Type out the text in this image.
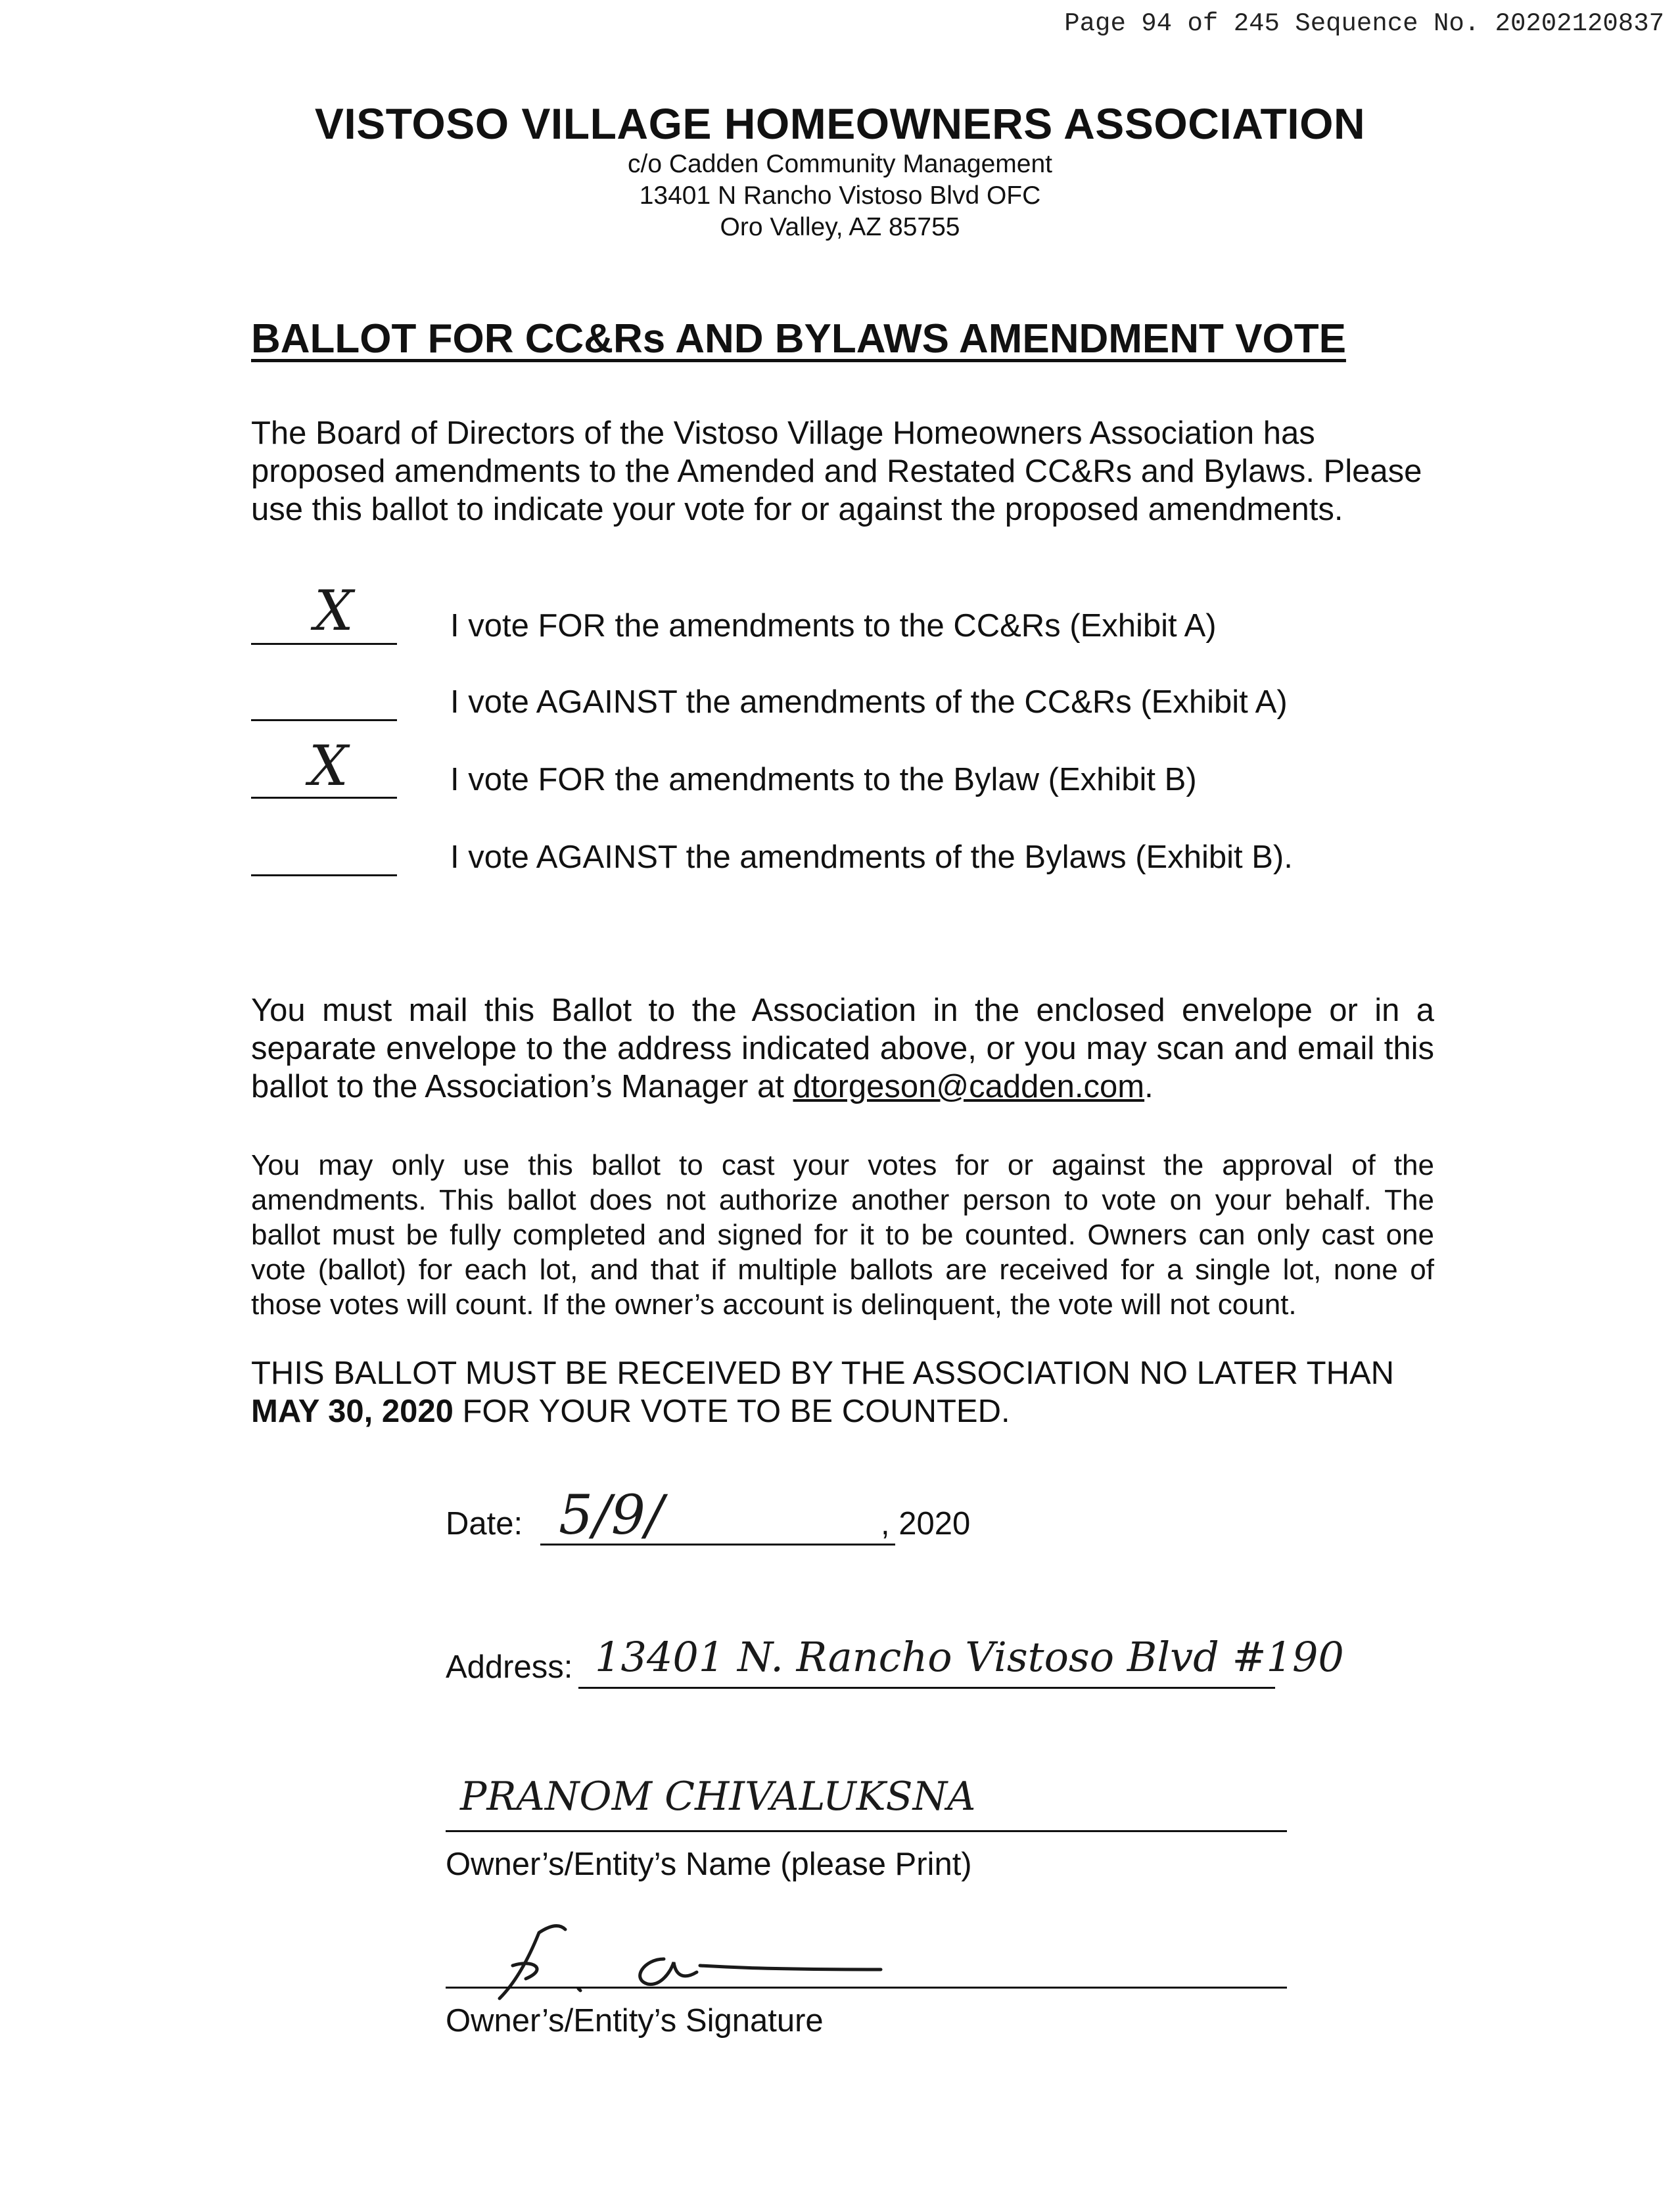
Page 94 of 245 Sequence No. 20202120837
VISTOSO VILLAGE HOMEOWNERS ASSOCIATION
c/o Cadden Community Management
13401 N Rancho Vistoso Blvd OFC
Oro Valley, AZ 85755
BALLOT FOR CC&Rs AND BYLAWS AMENDMENT VOTE
The Board of Directors of the Vistoso Village Homeowners Association has proposed amendments to the Amended and Restated CC&Rs and Bylaws. Please use this ballot to indicate your vote for or against the proposed amendments.
X	I vote FOR the amendments to the CC&Rs (Exhibit A)
I vote AGAINST the amendments of the CC&Rs (Exhibit A)
X	I vote FOR the amendments to the Bylaw (Exhibit B)
I vote AGAINST the amendments of the Bylaws (Exhibit B).
You must mail this Ballot to the Association in the enclosed envelope or in a separate envelope to the address indicated above, or you may scan and email this ballot to the Association’s Manager at dtorgeson@cadden.com.
You may only use this ballot to cast your votes for or against the approval of the amendments. This ballot does not authorize another person to vote on your behalf. The ballot must be fully completed and signed for it to be counted. Owners can only cast one vote (ballot) for each lot, and that if multiple ballots are received for a single lot, none of those votes will count. If the owner’s account is delinquent, the vote will not count.
THIS BALLOT MUST BE RECEIVED BY THE ASSOCIATION NO LATER THAN MAY 30, 2020 FOR YOUR VOTE TO BE COUNTED.
Date: 5/9/	, 2020
Address: 13401 N. Rancho Vistoso Blvd #190
PRANOM CHIVALUKSNA
Owner’s/Entity’s Name (please Print)
Owner’s/Entity’s Signature
